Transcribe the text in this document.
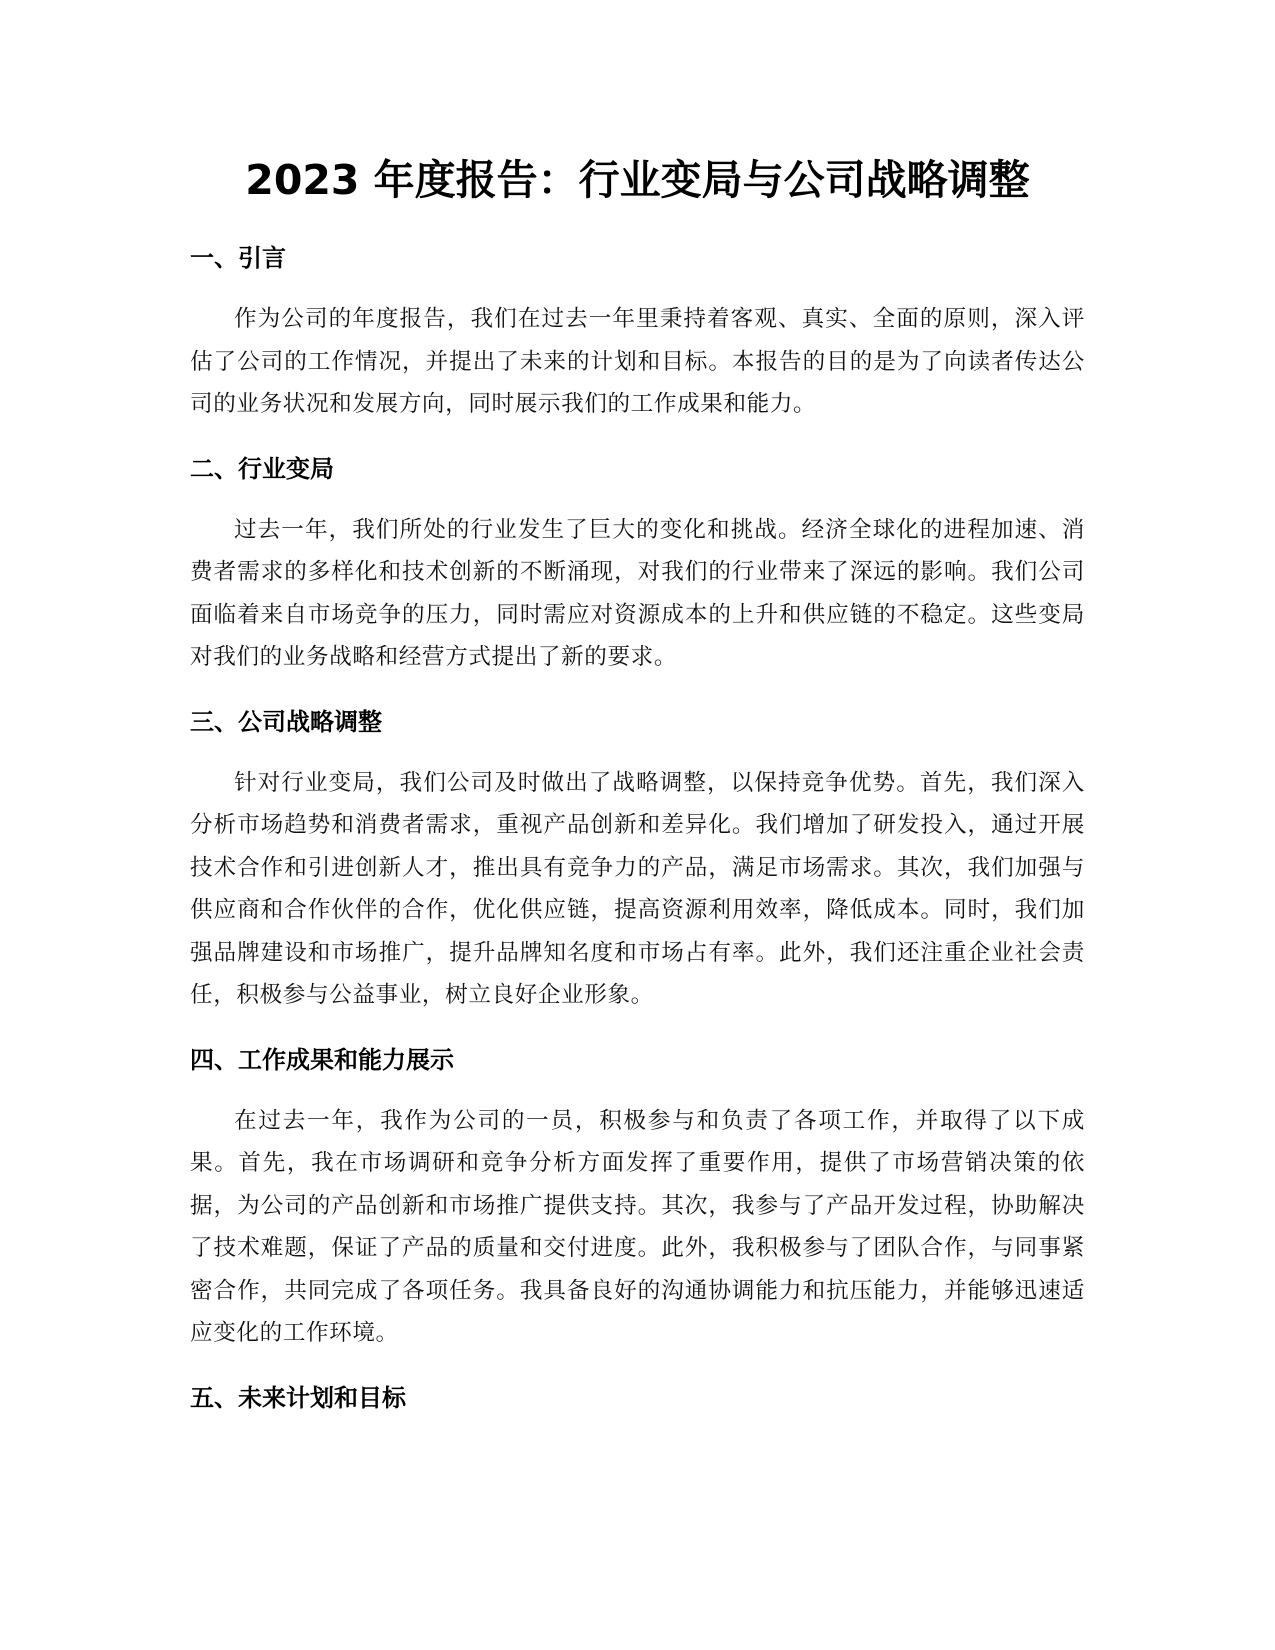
2023 年度报告：行业变局与公司战略调整
一、引言

作为公司的年度报告，我们在过去一年里秉持着客观、真实、全面的原则，深入评估了公司的工作情况，并提出了未来的计划和目标。本报告的目的是为了向读者传达公司的业务状况和发展方向，同时展示我们的工作成果和能力。

二、行业变局

过去一年，我们所处的行业发生了巨大的变化和挑战。经济全球化的进程加速、消费者需求的多样化和技术创新的不断涌现，对我们的行业带来了深远的影响。我们公司面临着来自市场竞争的压力，同时需应对资源成本的上升和供应链的不稳定。这些变局对我们的业务战略和经营方式提出了新的要求。

三、公司战略调整

针对行业变局，我们公司及时做出了战略调整，以保持竞争优势。首先，我们深入分析市场趋势和消费者需求，重视产品创新和差异化。我们增加了研发投入，通过开展技术合作和引进创新人才，推出具有竞争力的产品，满足市场需求。其次，我们加强与供应商和合作伙伴的合作，优化供应链，提高资源利用效率，降低成本。同时，我们加强品牌建设和市场推广，提升品牌知名度和市场占有率。此外，我们还注重企业社会责任，积极参与公益事业，树立良好企业形象。

四、工作成果和能力展示

在过去一年，我作为公司的一员，积极参与和负责了各项工作，并取得了以下成果。首先，我在市场调研和竞争分析方面发挥了重要作用，提供了市场营销决策的依据，为公司的产品创新和市场推广提供支持。其次，我参与了产品开发过程，协助解决了技术难题，保证了产品的质量和交付进度。此外，我积极参与了团队合作，与同事紧密合作，共同完成了各项任务。我具备良好的沟通协调能力和抗压能力，并能够迅速适应变化的工作环境。

五、未来计划和目标
